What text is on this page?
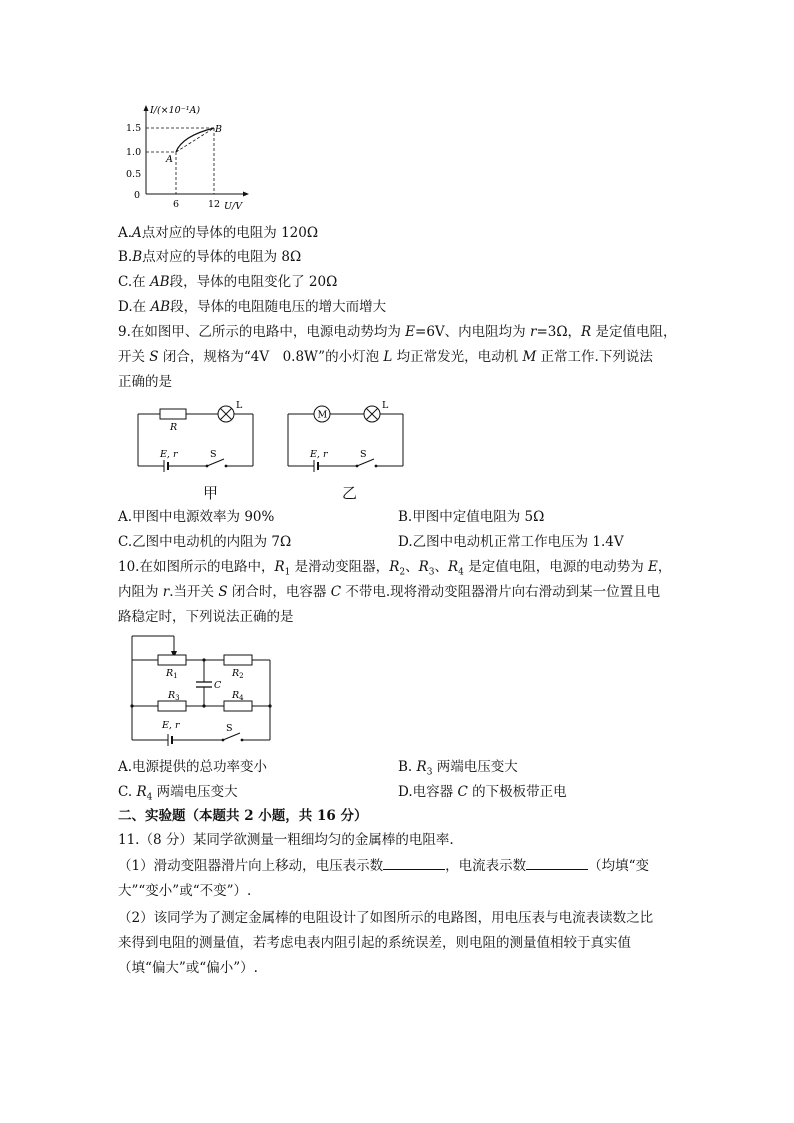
I/(×10⁻¹A)
1.5
1.0
0.5
0
6	12 U/V
A
B
A.A点对应的导体的电阻为 120Ω
B.B点对应的导体的电阻为 8Ω
C.在 AB段，导体的电阻变化了 20Ω
D.在 AB段，导体的电阻随电压的增大而增大
9.在如图甲、乙所示的电路中，电源电动势均为 E=6V、内电阻均为 r=3Ω，R 是定值电阻，
开关 S 闭合，规格为“4V　0.8W”的小灯泡 L 均正常发光，电动机 M 正常工作.下列说法
正确的是
R
L
E, r	S
甲
M
L
E, r	S
乙
A.甲图中电源效率为 90%	B.甲图中定值电阻为 5Ω
C.乙图中电动机的内阻为 7Ω	D.乙图中电动机正常工作电压为 1.4V
10.在如图所示的电路中，$R_1$ 是滑动变阻器，$R_2$、$R_3$、$R_4$ 是定值电阻，电源的电动势为 E，
内阻为 r.当开关 S 闭合时，电容器 C 不带电.现将滑动变阻器滑片向右滑动到某一位置且电
路稳定时，下列说法正确的是
$R_1$	$R_2$
$R_3$	$R_4$
C
E, r	S
A.电源提供的总功率变小	B. $R_3$ 两端电压变大
C. $R_4$ 两端电压变大	D.电容器 C 的下极板带正电
二、实验题（本题共 2 小题，共 16 分）
11.（8 分）某同学欲测量一粗细均匀的金属棒的电阻率.
（1）滑动变阻器滑片向上移动，电压表示数	，电流表示数	（均填“变
大”“变小”或“不变”）.
（2）该同学为了测定金属棒的电阻设计了如图所示的电路图，用电压表与电流表读数之比
来得到电阻的测量值，若考虑电表内阻引起的系统误差，则电阻的测量值相较于真实值
（填“偏大”或“偏小”）.
